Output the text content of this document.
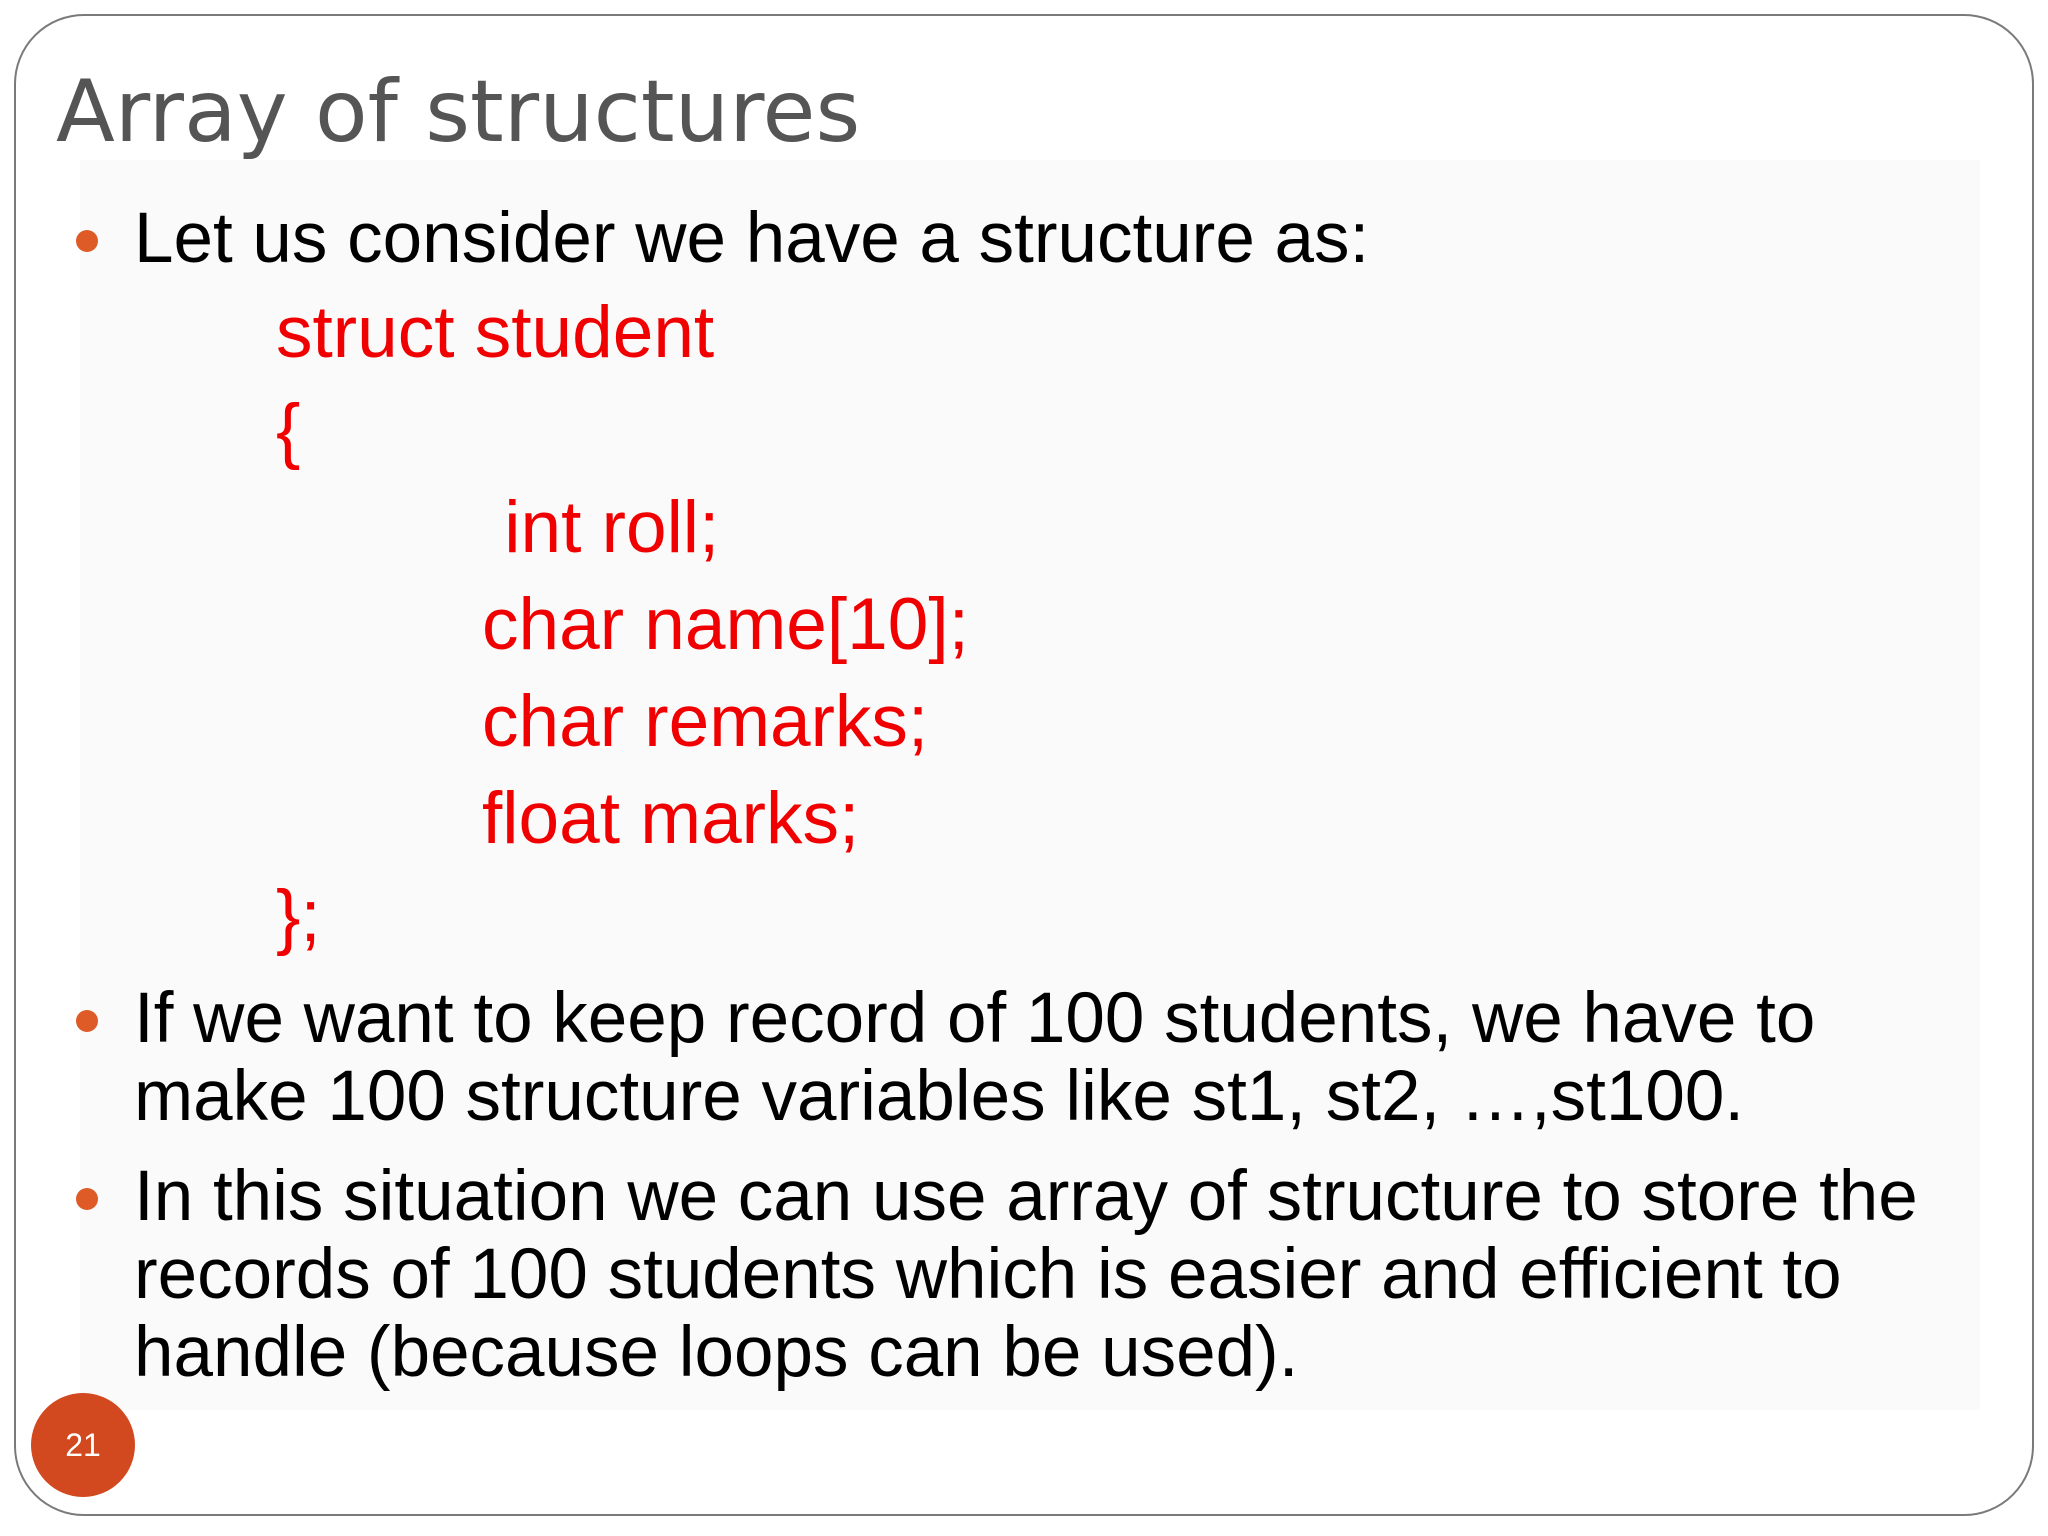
Array of structures
Let us consider we have a structure as:
struct student
{
int roll;
char name[10];
char remarks;
float marks;
};
If we want to keep record of 100 students, we have to make 100 structure variables like st1, st2, …,st100.
In this situation we can use array of structure to store the records of 100 students which is easier and efficient to handle (because loops can be used).
21
